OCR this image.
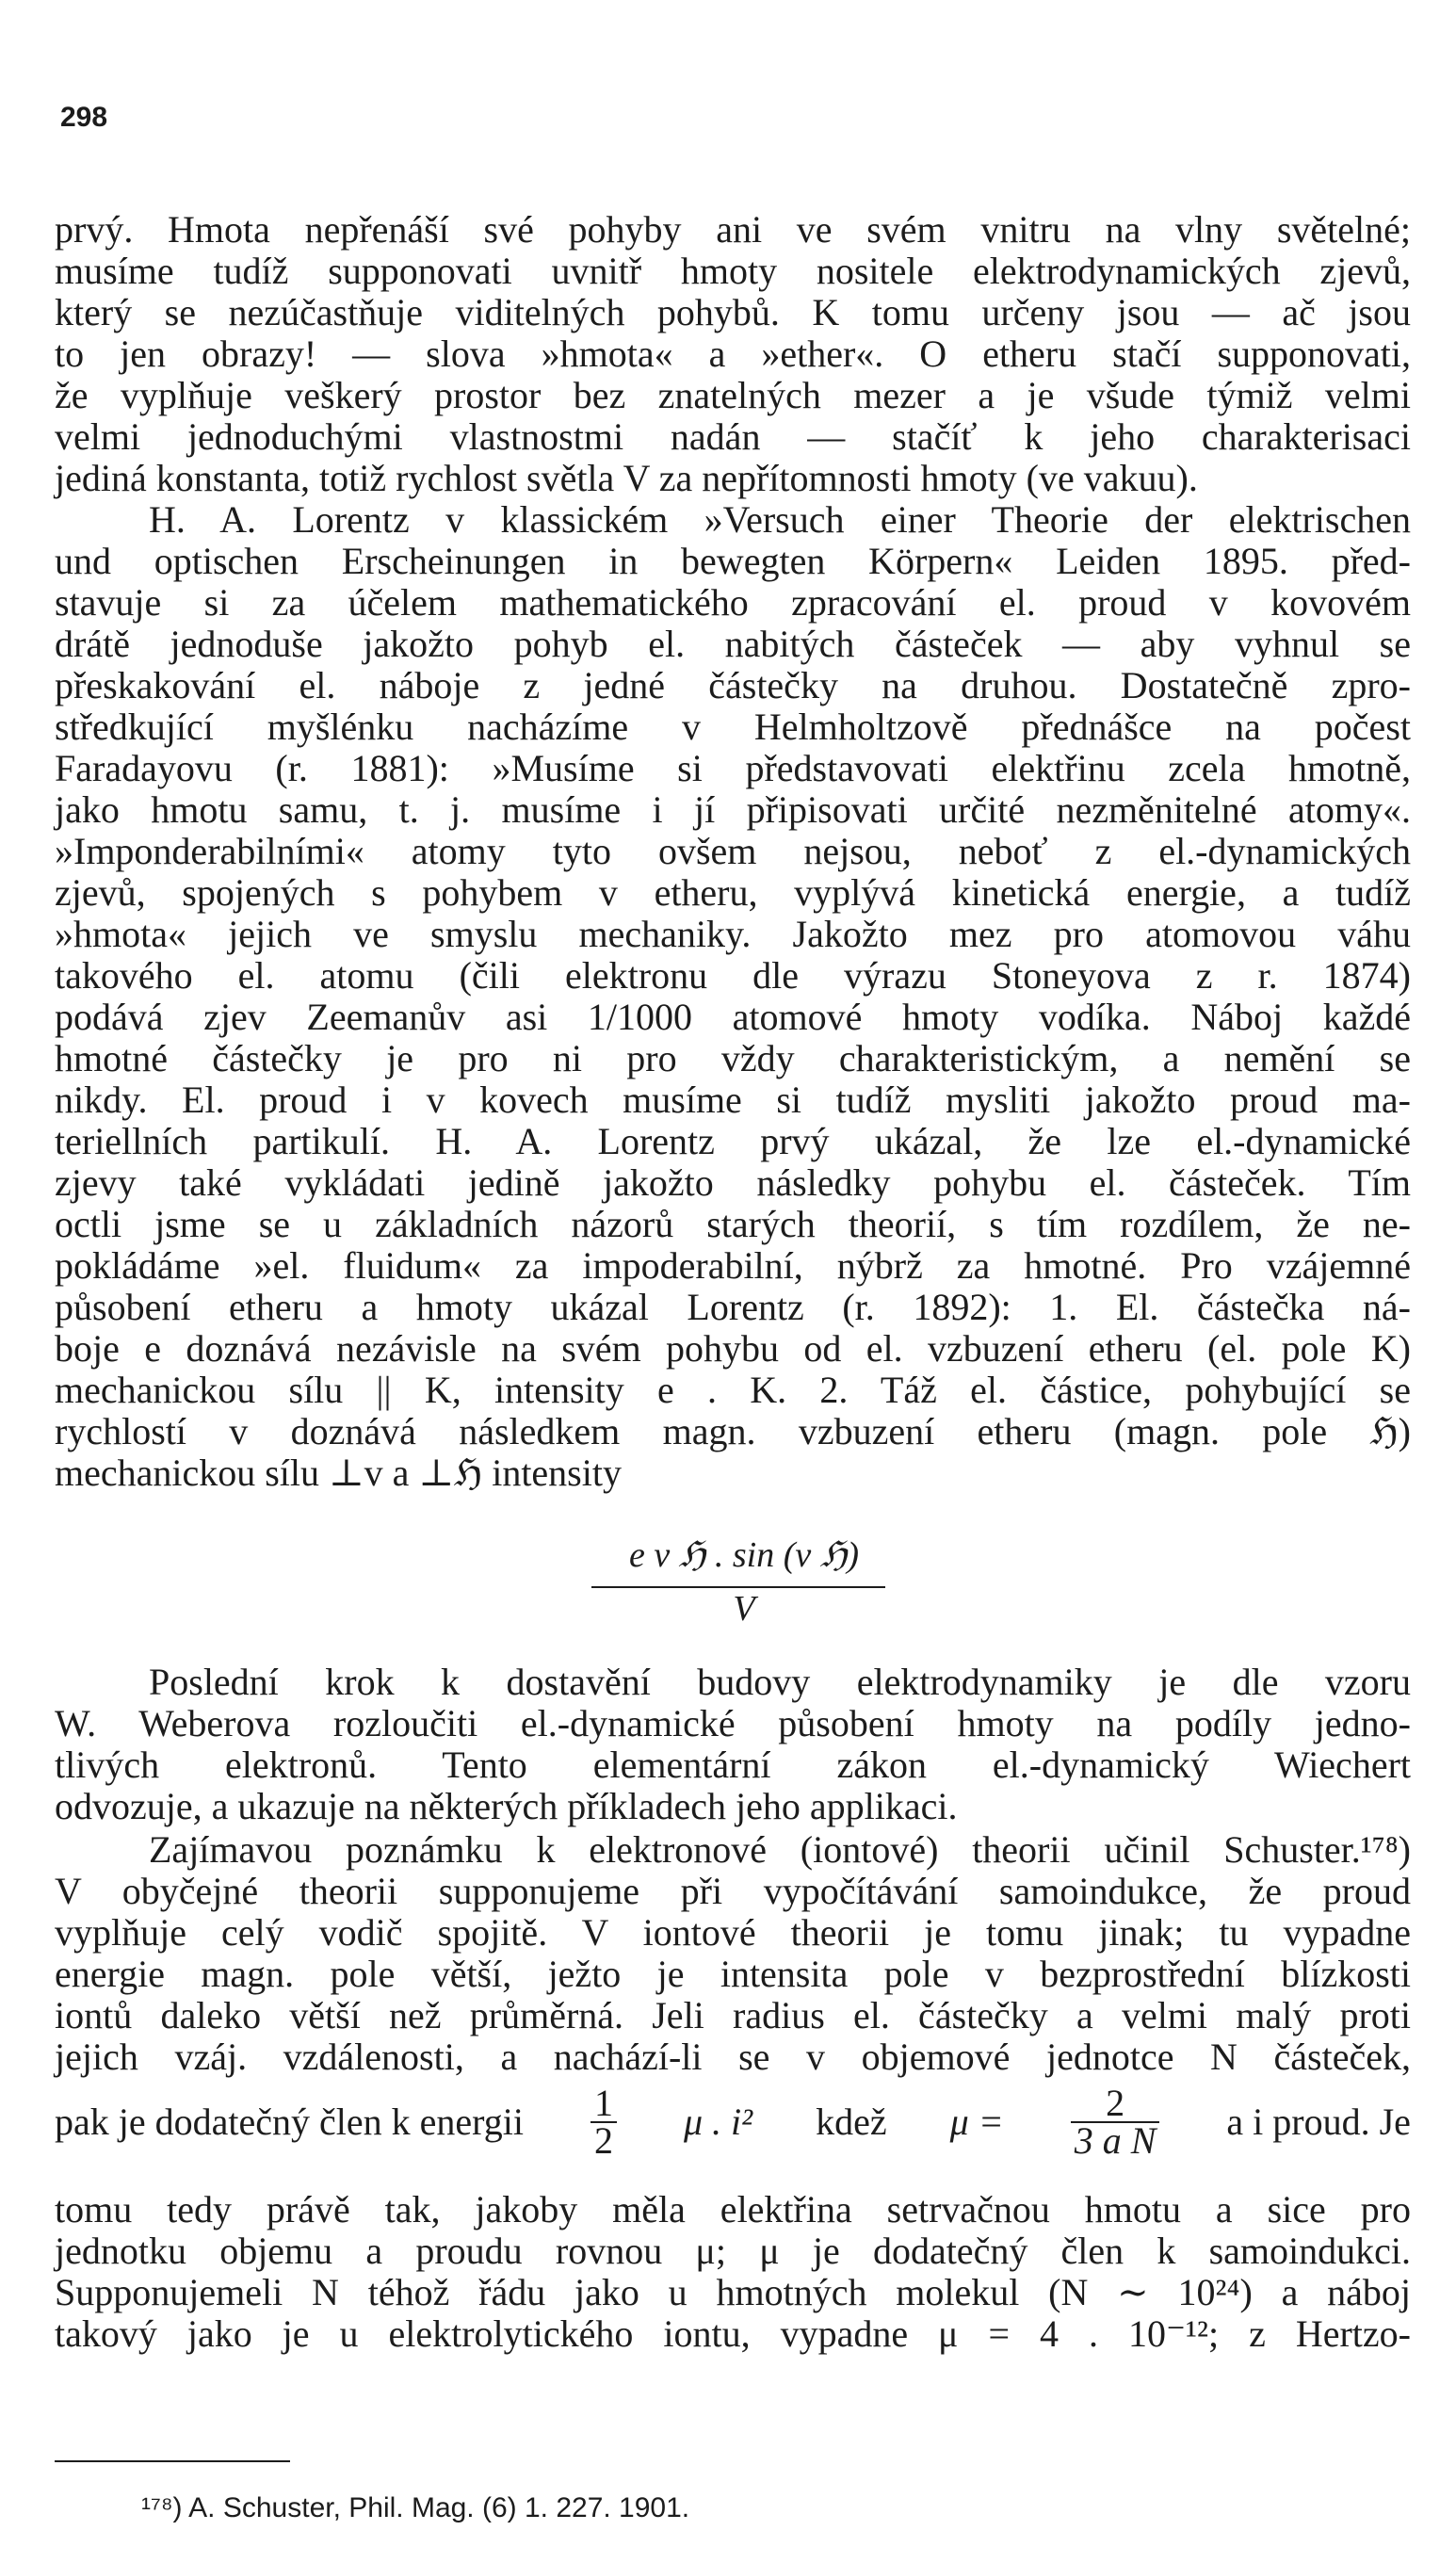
298
prvý. Hmota nepřenáší své pohyby ani ve svém vnitru na vlny světelné;
musíme tudíž supponovati uvnitř hmoty nositele elektrodynamických zjevů,
který se nezúčastňuje viditelných pohybů. K tomu určeny jsou — ač jsou
to jen obrazy! — slova »hmota« a »ether«. O etheru stačí supponovati,
že vyplňuje veškerý prostor bez znatelných mezer a je všude týmiž velmi
velmi jednoduchými vlastnostmi nadán — stačíť k jeho charakterisaci
jediná konstanta, totiž rychlost světla V za nepřítomnosti hmoty (ve vakuu).
H. A. Lorentz v klassickém »Versuch einer Theorie der elektrischen
und optischen Erscheinungen in bewegten Körpern« Leiden 1895. před-
stavuje si za účelem mathematického zpracování el. proud v kovovém
drátě jednoduše jakožto pohyb el. nabitých částeček — aby vyhnul se
přeskakování el. náboje z jedné částečky na druhou. Dostatečně zpro-
středkující myšlénku nacházíme v Helmholtzově přednášce na počest
Faradayovu (r. 1881): »Musíme si představovati elektřinu zcela hmotně,
jako hmotu samu, t. j. musíme i jí připisovati určité nezměnitelné atomy«.
»Imponderabilními« atomy tyto ovšem nejsou, neboť z el.-dynamických
zjevů, spojených s pohybem v etheru, vyplývá kinetická energie, a tudíž
»hmota« jejich ve smyslu mechaniky. Jakožto mez pro atomovou váhu
takového el. atomu (čili elektronu dle výrazu Stoneyova z r. 1874)
podává zjev Zeemanův asi 1/1000 atomové hmoty vodíka. Náboj každé
hmotné částečky je pro ni pro vždy charakteristickým, a nemění se
nikdy. El. proud i v kovech musíme si tudíž mysliti jakožto proud ma-
teriellních partikulí. H. A. Lorentz prvý ukázal, že lze el.-dynamické
zjevy také vykládati jedině jakožto následky pohybu el. částeček. Tím
octli jsme se u základních názorů starých theorií, s tím rozdílem, že ne-
pokládáme »el. fluidum« za impoderabilní, nýbrž za hmotné. Pro vzájemné
působení etheru a hmoty ukázal Lorentz (r. 1892): 1. El. částečka ná-
boje e doznává nezávisle na svém pohybu od el. vzbuzení etheru (el. pole K)
mechanickou sílu || K, intensity e . K. 2. Táž el. částice, pohybující se
rychlostí v doznává následkem magn. vzbuzení etheru (magn. pole ℌ)
mechanickou sílu ⊥v a ⊥ℌ intensity
e v ℌ . sin (v ℌ)
V
Poslední krok k dostavění budovy elektrodynamiky je dle vzoru
W. Weberova rozloučiti el.-dynamické působení hmoty na podíly jedno-
tlivých elektronů. Tento elementární zákon el.-dynamický Wiechert
odvozuje, a ukazuje na některých příkladech jeho applikaci.
Zajímavou poznámku k elektronové (iontové) theorii učinil Schuster.¹⁷⁸)
V obyčejné theorii supponujeme při vypočítávání samoindukce, že proud
vyplňuje celý vodič spojitě. V iontové theorii je tomu jinak; tu vypadne
energie magn. pole větší, ježto je intensita pole v bezprostřední blízkosti
iontů daleko větší než průměrná. Jeli radius el. částečky a velmi malý proti
jejich vzáj. vzdálenosti, a nachází-li se v objemové jednotce N částeček,
pak je dodatečný člen k energii $\frac{1}{2}$ μ . i² kdež $\mu = \frac{2}{\text{3 a N}}$ a i proud. Je
tomu tedy právě tak, jakoby měla elektřina setrvačnou hmotu a sice pro
jednotku objemu a proudu rovnou μ; μ je dodatečný člen k samoindukci.
Supponujemeli N téhož řádu jako u hmotných molekul (N ∼ 10²⁴) a náboj
takový jako je u elektrolytického iontu, vypadne μ = 4 . 10⁻¹²; z Hertzo-
¹⁷⁸) A. Schuster, Phil. Mag. (6) 1. 227. 1901.
